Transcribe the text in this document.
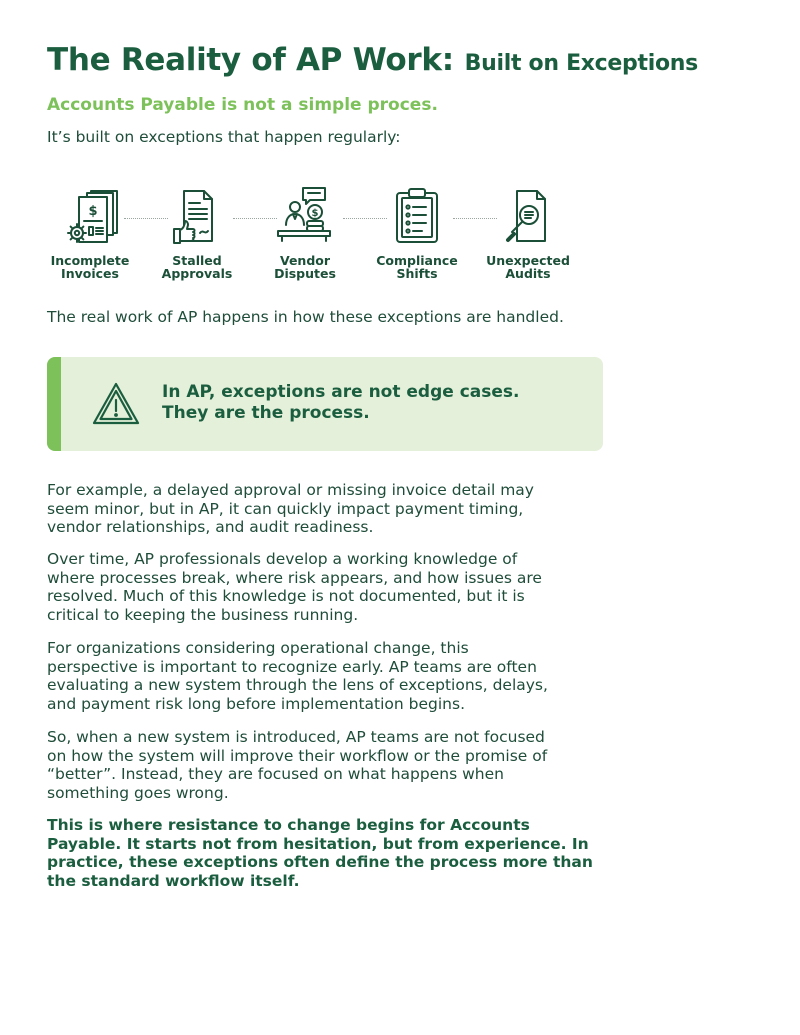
The Reality of AP Work: Built on Exceptions

Accounts Payable is not a simple proces.

It’s built on exceptions that happen regularly:

$
Incomplete
Invoices
Stalled
Approvals
$
Vendor
Disputes
Compliance
Shifts
Unexpected
Audits

The real work of AP happens in how these exceptions are handled.

In AP, exceptions are not edge cases.
They are the process.
For example, a delayed approval or missing invoice detail may
seem minor, but in AP, it can quickly impact payment timing,
vendor relationships, and audit readiness.
Over time, AP professionals develop a working knowledge of
where processes break, where risk appears, and how issues are
resolved. Much of this knowledge is not documented, but it is
critical to keeping the business running.
For organizations considering operational change, this
perspective is important to recognize early. AP teams are often
evaluating a new system through the lens of exceptions, delays,
and payment risk long before implementation begins.
So, when a new system is introduced, AP teams are not focused
on how the system will improve their workflow or the promise of
“better”. Instead, they are focused on what happens when
something goes wrong.
This is where resistance to change begins for Accounts
Payable. It starts not from hesitation, but from experience. In
practice, these exceptions often define the process more than
the standard workflow itself.
